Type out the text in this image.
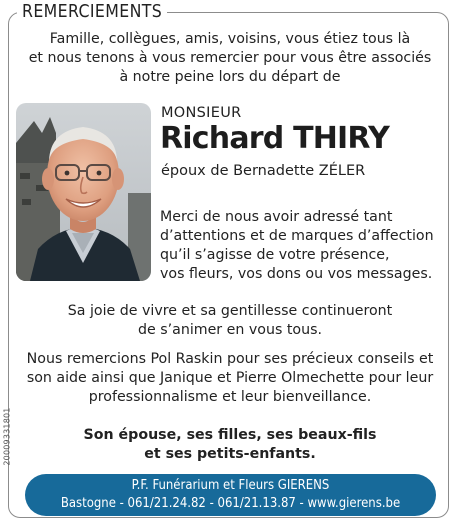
REMERCIEMENTS
Famille, collègues, amis, voisins, vous étiez tous là
et nous tenons à vous remercier pour vous être associés
à notre peine lors du départ de
MONSIEUR
Richard THIRY
époux de Bernadette ZÉLER
Merci de nous avoir adressé tant
d’attentions et de marques d’affection
qu’il s’agisse de votre présence,
vos fleurs, vos dons ou vos messages.
Sa joie de vivre et sa gentillesse continueront
de s’animer en vous tous.
Nous remercions Pol Raskin pour ses précieux conseils et
son aide ainsi que Janique et Pierre Olmechette pour leur
professionnalisme et leur bienveillance.
Son épouse, ses filles, ses beaux-fils
et ses petits-enfants.
20009331801
P.F. Funérarium et Fleurs GIERENS
Bastogne - 061/21.24.82 - 061/21.13.87 - www.gierens.be
